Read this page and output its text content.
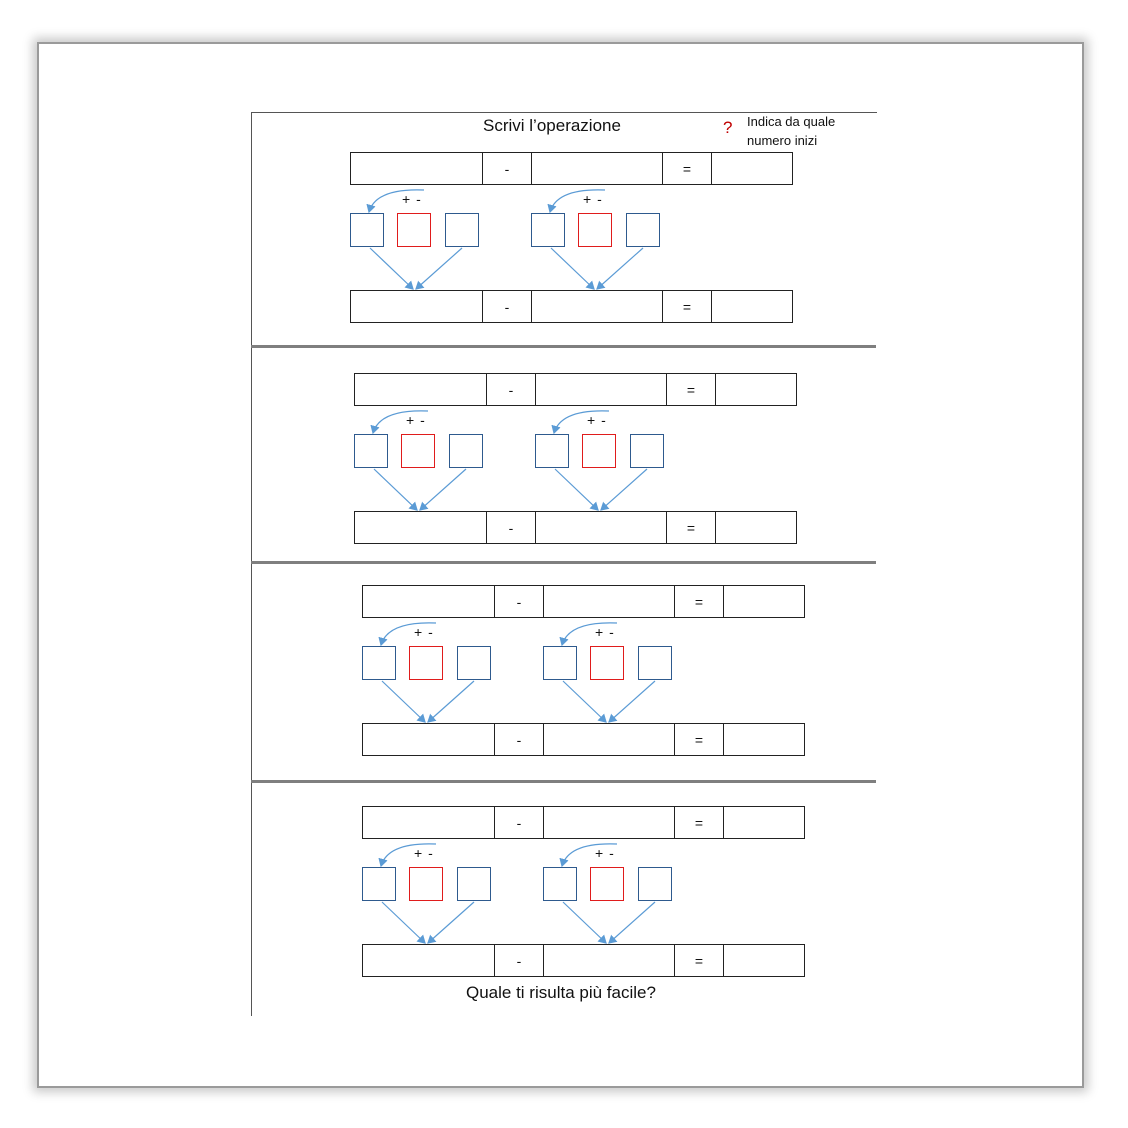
Scrivi l’operazione	? Indica da quale numero inizi
Quale ti risulta più facile?
-	=
-	=
+ -	+ -
-	=
-	=
+ -	+ -
-	=
-	=
+ -	+ -
-	=
-	=
+ -	+ -
